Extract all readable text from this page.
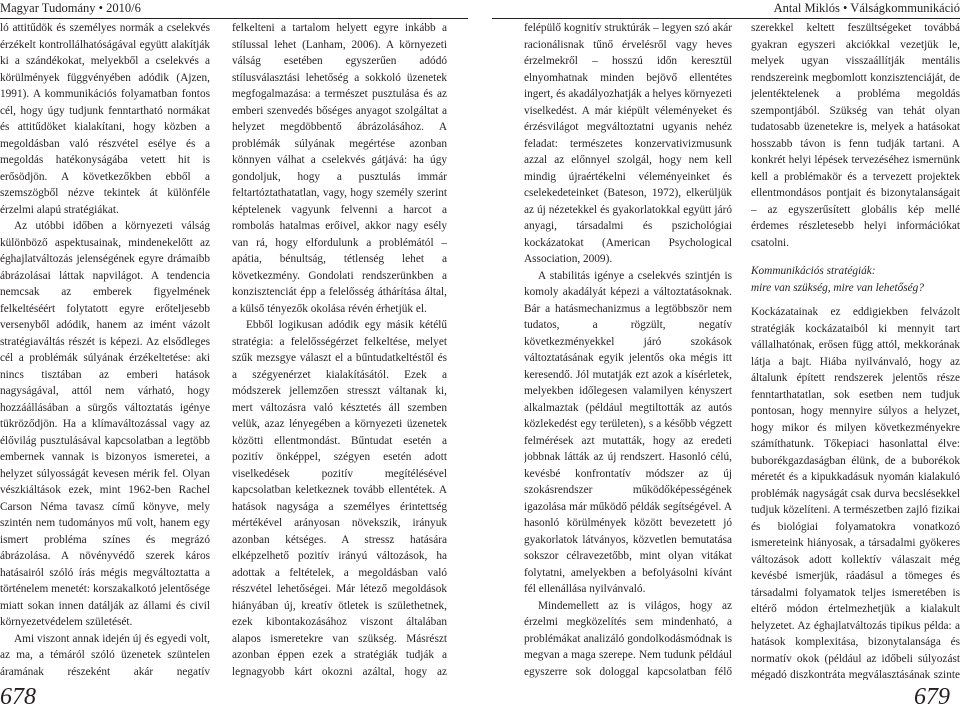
Magyar Tudomány • 2010/6

ló attitűdök és személyes normák a cselekvés érzékelt kontrollálhatóságával együtt alakítják ki a szándékokat, melyekből a cselekvés a körülmények függvényében adódik (Ajzen, 1991). A kommunikációs folyamatban fontos cél, hogy úgy tudjunk fenntartható normákat és attitűdöket kialakítani, hogy közben a megoldásban való részvétel esélye és a megoldás hatékonyságába vetett hit is erősödjön. A következőkben ebből a szemszögből nézve tekintek át különféle érzelmi alapú stratégiákat.

Az utóbbi időben a környezeti válság különböző aspektusainak, mindenekelőtt az éghajlatváltozás jelenségének egyre drámaibb ábrázolásai láttak napvilágot. A tendencia nemcsak az emberek figyelmének felkeltéséért folytatott egyre erőteljesebb versenyből adódik, hanem az imént vázolt stratégiaváltás részét is képezi. Az elsődleges cél a problémák súlyának érzékeltetése: aki nincs tisztában az emberi hatások nagyságával, attól nem várható, hogy hozzáállásában a sürgős változtatás igénye tükröződjön. Ha a klímaváltozással vagy az élővilág pusztulásával kapcsolatban a legtöbb embernek vannak is bizonyos ismeretei, a helyzet súlyosságát kevesen mérik fel. Olyan vészkiáltások ezek, mint 1962-ben Rachel Carson Néma tavasz című könyve, mely szintén nem tudományos mű volt, hanem egy ismert probléma színes és megrázó ábrázolása. A növényvédő szerek káros hatásairól szóló írás mégis megváltoztatta a történelem menetét: korszakalkotó jelentősége miatt sokan innen datálják az állami és civil környezetvédelem születését.

Ami viszont annak idején új és egyedi volt, az ma, a témáról szóló üzenetek szüntelen áramának részeként akár negatív

felkelteni a tartalom helyett egyre inkább a stílussal lehet (Lanham, 2006). A környezeti válság esetében egyszerűen adódó stílusválasztási lehetőség a sokkoló üzenetek megfogalmazása: a természet pusztulása és az emberi szenvedés bőséges anyagot szolgáltat a helyzet megdöbbentő ábrázolásához. A problémák súlyának megértése azonban könnyen válhat a cselekvés gátjává: ha úgy gondoljuk, hogy a pusztulás immár feltartóztathatatlan, vagy, hogy személy szerint képtelenek vagyunk felvenni a harcot a rombolás hatalmas erőivel, akkor nagy esély van rá, hogy elfordulunk a problémától – apátia, bénultság, tétlenség lehet a következmény. Gondolati rendszerünkben a konzisztenciát épp a felelősség áthárítása által, a külső tényezők okolása révén érhetjük el.

Ebből logikusan adódik egy másik kétélű stratégia: a felelősségérzet felkeltése, melyet szűk mezsgye választ el a bűntudatkeltéstől és a szégyenérzet kialakításától. Ezek a módszerek jellemzően stresszt váltanak ki, mert változásra való késztetés áll szemben velük, azaz lényegében a környezeti üzenetek közötti ellentmondást. Bűntudat esetén a pozitív önképpel, szégyen esetén adott viselkedések pozitív megítélésével kapcsolatban keletkeznek tovább ellentétek. A hatások nagysága a személyes érintettség mértékével arányosan növekszik, irányuk azonban kétséges. A stressz hatására elképzelhető pozitív irányú változások, ha adottak a feltételek, a megoldásban való részvétel lehetőségei. Már létező megoldások hiányában új, kreatív ötletek is születhetnek, ezek kibontakozásához viszont általában alapos ismeretekre van szükség. Másrészt azonban éppen ezek a stratégiák tudják a legnagyobb kárt okozni azáltal, hogy az

678
Antal Miklós • Válságkommunikáció

felépülő kognitív struktúrák – legyen szó akár racionálisnak tűnő érvelésről vagy heves érzelmekről – hosszú időn keresztül elnyomhatnak minden bejövő ellentétes ingert, és akadályozhatják a helyes környezeti viselkedést. A már kiépült véleményeket és érzésvilágot megváltoztatni ugyanis nehéz feladat: természetes konzervativizmusunk azzal az előnnyel szolgál, hogy nem kell mindig újraértékelni véleményeinket és cselekedeteinket (Bateson, 1972), elkerüljük az új nézetekkel és gyakorlatokkal együtt járó anyagi, társadalmi és pszichológiai kockázatokat (American Psychological Association, 2009).

A stabilitás igénye a cselekvés szintjén is komoly akadályát képezi a változtatásoknak. Bár a hatásmechanizmus a legtöbbször nem tudatos, a rögzült, negatív következményekkel járó szokások változtatásának egyik jelentős oka mégis itt keresendő. Jól mutatják ezt azok a kísérletek, melyekben időlegesen valamilyen kényszert alkalmaztak (például megtiltották az autós közlekedést egy területen), s a később végzett felmérések azt mutatták, hogy az eredeti jobbnak látták az új rendszert. Hasonló célú, kevésbé konfrontatív módszer az új szokásrendszer működőképességének igazolása már működő példák segítségével. A hasonló körülmények között bevezetett jó gyakorlatok látványos, közvetlen bemutatása sokszor célravezetőbb, mint olyan vitákat folytatni, amelyekben a befolyásolni kívánt fél ellenállása nyilvánvaló.

Mindemellett az is világos, hogy az érzelmi megközelítés sem mindenható, a problémákat analizáló gondolkodásmódnak is megvan a maga szerepe. Nem tudunk például egyszerre sok dologgal kapcsolatban félő

szerekkel keltett feszültségeket továbbá gyakran egyszeri akciókkal vezetjük le, melyek ugyan visszaállítják mentális rendszereink megbomlott konzisztenciáját, de jelentéktelenek a probléma megoldás szempontjából. Szükség van tehát olyan tudatosabb üzenetekre is, melyek a hatásokat hosszabb távon is fenn tudják tartani. A konkrét helyi lépések tervezéséhez ismernünk kell a problémakör és a tervezett projektek ellentmondásos pontjait és bizonytalanságait – az egyszerűsített globális kép mellé érdemes részletesebb helyi információkat csatolni.

Kommunikációs stratégiák:
mire van szükség, mire van lehetőség?

Kockázatainak ez eddigiekben felvázolt stratégiák kockázataiból ki mennyit tart vállalhatónak, erősen függ attól, mekkorának látja a bajt. Hiába nyilvánvaló, hogy az általunk épített rendszerek jelentős része fenntarthatatlan, sok esetben nem tudjuk pontosan, hogy mennyire súlyos a helyzet, hogy mikor és milyen következményekre számíthatunk. Tőkepiaci hasonlattal élve: buborékgazdaságban élünk, de a buborékok méretét és a kipukkadásuk nyomán kialakuló problémák nagyságát csak durva becslésekkel tudjuk közelíteni. A természetben zajló fizikai és biológiai folyamatokra vonatkozó ismereteink hiányosak, a társadalmi gyökeres változások adott kollektív válaszait még kevésbé ismerjük, ráadásul a tömeges és társadalmi folyamatok teljes ismeretében is eltérő módon értelmezhetjük a kialakult helyzetet. Az éghajlatváltozás tipikus példa: a hatások komplexitása, bizonytalansága és normatív okok (például az időbeli súlyozást mégadó diszkontráta megválasztásának szinte

679
